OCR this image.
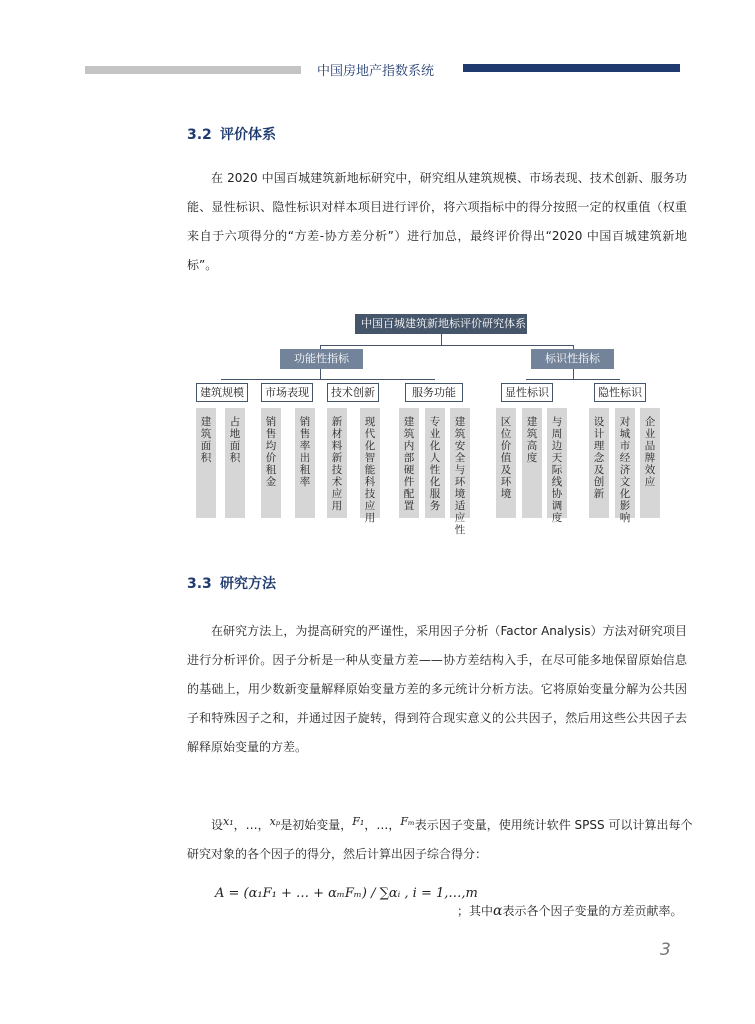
中国房地产指数系统
3.2 评价体系

在 2020 中国百城建筑新地标研究中，研究组从建筑规模、市场表现、技术创新、服务功能、显性标识、隐性标识对样本项目进行评价，将六项指标中的得分按照一定的权重值（权重来自于六项得分的“方差-协方差分析”）进行加总，最终评价得出“2020 中国百城建筑新地标”。

中国百城建筑新地标评价研究体系
功能性指标	标识性指标
建筑规模	市场表现	技术创新	服务功能	显性标识	隐性标识
建筑面积
占地面积
销售均价 租金
销售率 出租率
新材料 新技术应用
现代化智能科技应用
建筑内部硬件配置
专业化 人性化服务
建筑安全与环境适应性
区位价值及环境
建筑高度
与周边天际线协调度
设计理念及创新
对城市经济 文化影响
企业品牌效应
3.3 研究方法

在研究方法上，为提高研究的严谨性，采用因子分析（Factor Analysis）方法对研究项目进行分析评价。因子分析是一种从变量方差——协方差结构入手，在尽可能多地保留原始信息的基础上，用少数新变量解释原始变量方差的多元统计分析方法。它将原始变量分解为公共因子和特殊因子之和，并通过因子旋转，得到符合现实意义的公共因子，然后用这些公共因子去解释原始变量的方差。

设x₁，…，xₚ是初始变量，F₁，…，Fₘ表示因子变量，使用统计软件 SPSS 可以计算出每个研究对象的各个因子的得分，然后计算出因子综合得分：
A = (α₁F₁ + … + αₘFₘ) / ∑αᵢ , i = 1,…,m
；其中α表示各个因子变量的方差贡献率。
3
